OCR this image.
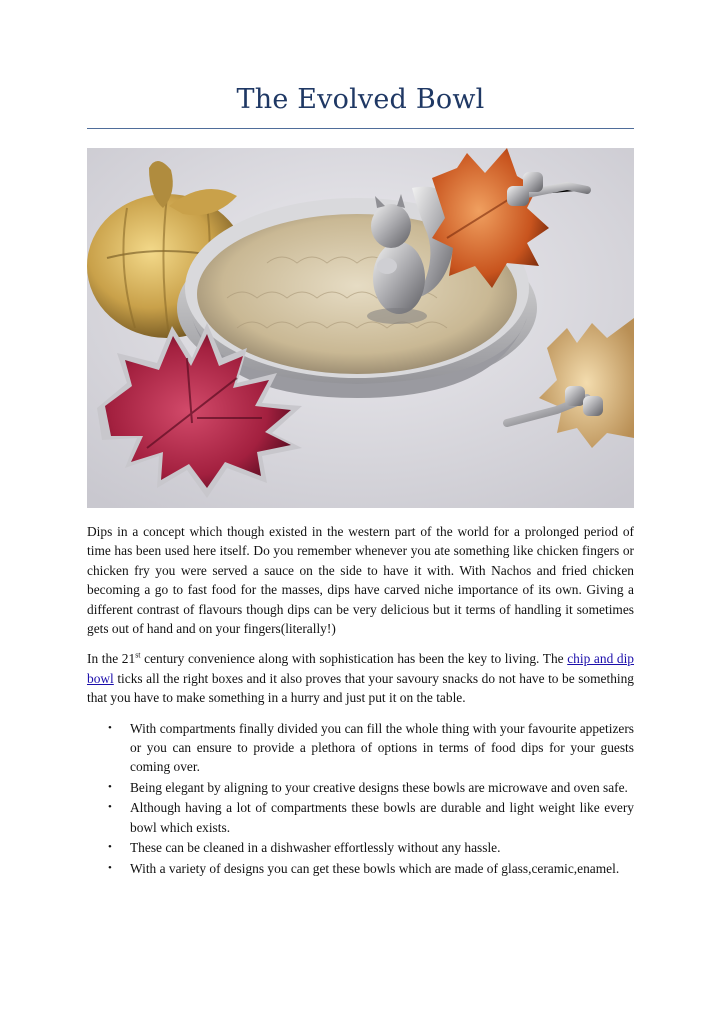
The Evolved Bowl

Dips in a concept which though existed in the western part of the world for a prolonged period of time has been used here itself. Do you remember whenever you ate something like chicken fingers or chicken fry you were served a sauce on the side to have it with. With Nachos and fried chicken becoming a go to fast food for the masses, dips have carved niche importance of its own. Giving a different contrast of flavours though dips can be very delicious but it terms of handling it sometimes gets out of hand and on your fingers(literally!)

In the 21st century convenience along with sophistication has been the key to living. The chip and dip bowl ticks all the right boxes and it also proves that your savoury snacks do not have to be something that you have to make something in a hurry and just put it on the table.

• With compartments finally divided you can fill the whole thing with your favourite appetizers or you can ensure to provide a plethora of options in terms of food dips for your guests coming over.
• Being elegant by aligning to your creative designs these bowls are microwave and oven safe.
• Although having a lot of compartments these bowls are durable and light weight like every bowl which exists.
• These can be cleaned in a dishwasher effortlessly without any hassle.
• With a variety of designs you can get these bowls which are made of glass,ceramic,enamel.
